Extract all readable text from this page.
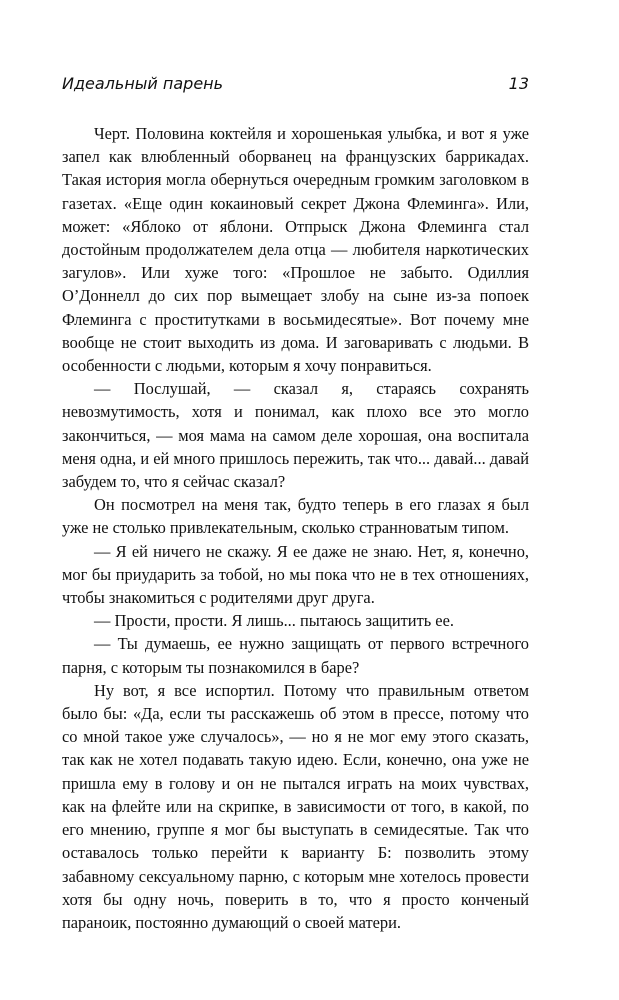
Идеальный парень	13

Черт. Половина коктейля и хорошенькая улыбка, и вот я уже запел как влюбленный оборванец на французских баррикадах. Такая история могла обернуться очередным громким заголовком в газетах. «Еще один кокаиновый секрет Джона Флеминга». Или, может: «Яблоко от яблони. Отпрыск Джона Флеминга стал достойным продолжателем дела отца — любителя наркотических загулов». Или хуже того: «Прошлое не забыто. Одиллия О’Доннелл до сих пор вымещает злобу на сыне из-за попоек Флеминга с проститутками в восьмидесятые». Вот почему мне вообще не стоит выходить из дома. И заговаривать с людьми. В особенности с людьми, которым я хочу понравиться.

— Послушай, — сказал я, стараясь сохранять невозмутимость, хотя и понимал, как плохо все это могло закончиться, — моя мама на самом деле хорошая, она воспитала меня одна, и ей много пришлось пережить, так что... давай... давай забудем то, что я сейчас сказал?

Он посмотрел на меня так, будто теперь в его глазах я был уже не столько привлекательным, сколько странноватым типом.

— Я ей ничего не скажу. Я ее даже не знаю. Нет, я, конечно, мог бы приударить за тобой, но мы пока что не в тех отношениях, чтобы знакомиться с родителями друг друга.

— Прости, прости. Я лишь... пытаюсь защитить ее.

— Ты думаешь, ее нужно защищать от первого встречного парня, с которым ты познакомился в баре?

Ну вот, я все испортил. Потому что правильным ответом было бы: «Да, если ты расскажешь об этом в прессе, потому что со мной такое уже случалось», — но я не мог ему этого сказать, так как не хотел подавать такую идею. Если, конечно, она уже не пришла ему в голову и он не пытался играть на моих чувствах, как на флейте или на скрипке, в зависимости от того, в какой, по его мнению, группе я мог бы выступать в семидесятые. Так что оставалось только перейти к варианту Б: позволить этому забавному сексуальному парню, с которым мне хотелось провести хотя бы одну ночь, поверить в то, что я просто конченый параноик, постоянно думающий о своей матери.
